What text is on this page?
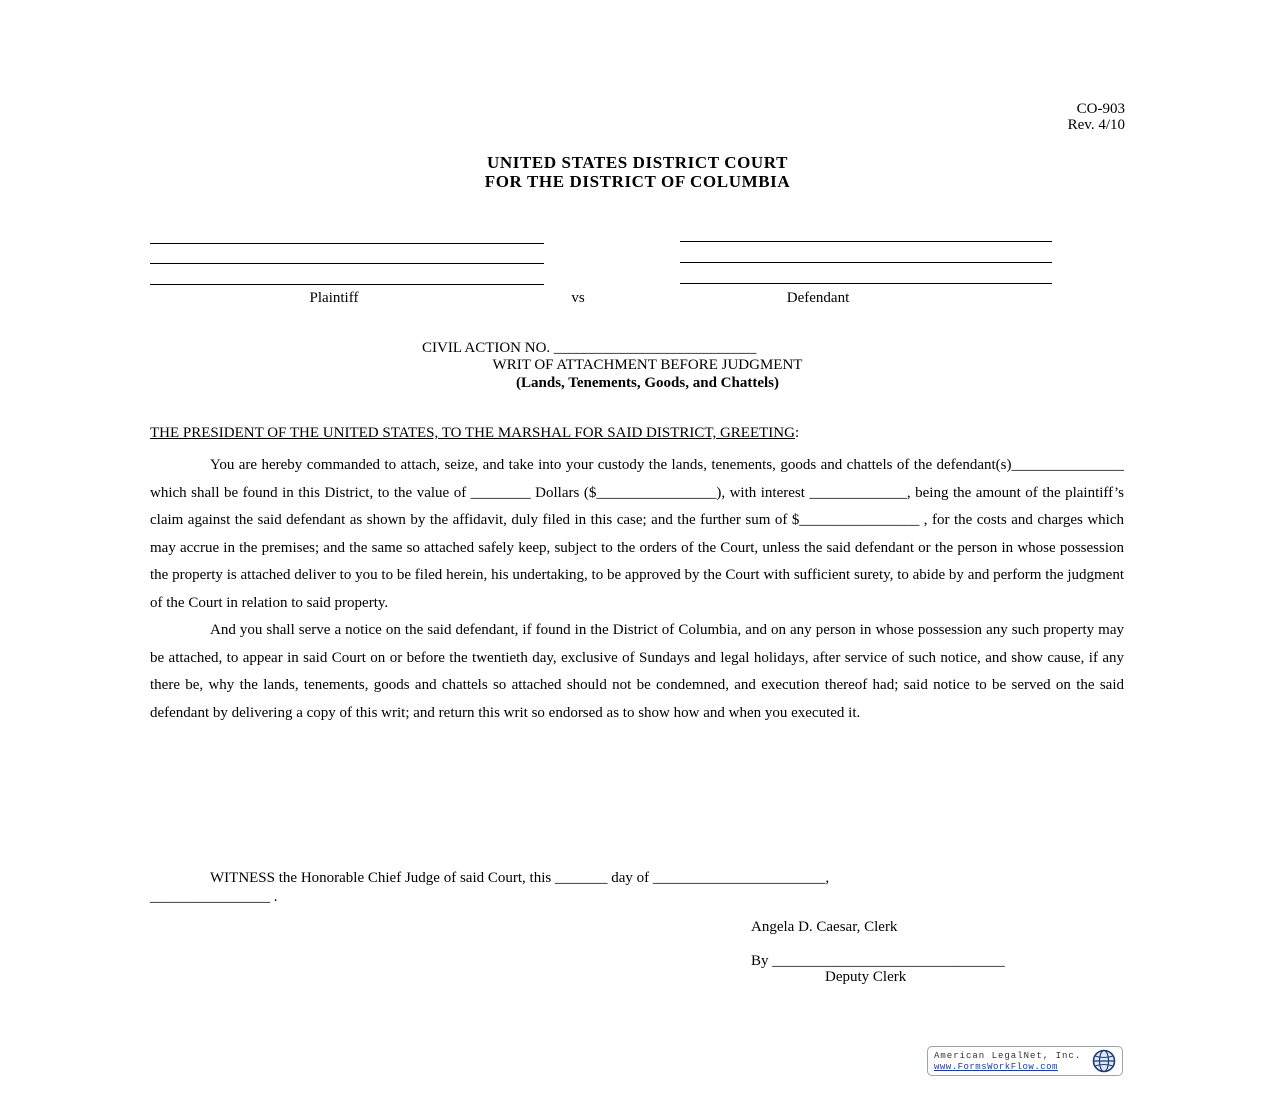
CO-903
Rev. 4/10
UNITED STATES DISTRICT COURT
FOR THE DISTRICT OF COLUMBIA
Plaintiff	vs	Defendant
CIVIL ACTION NO. ___________________________
WRIT OF ATTACHMENT BEFORE JUDGMENT
(Lands, Tenements, Goods, and Chattels)
THE PRESIDENT OF THE UNITED STATES, TO THE MARSHAL FOR SAID DISTRICT, GREETING:

You are hereby commanded to attach, seize, and take into your custody the lands, tenements, goods and chattels of the defendant(s)_______________ which shall be found in this District, to the value of ________ Dollars ($________________), with interest _____________, being the amount of the plaintiff’s claim against the said defendant as shown by the affidavit, duly filed in this case; and the further sum of $________________ , for the costs and charges which may accrue in the premises; and the same so attached safely keep, subject to the orders of the Court, unless the said defendant or the person in whose possession the property is attached deliver to you to be filed herein, his undertaking, to be approved by the Court with sufficient surety, to abide by and perform the judgment of the Court in relation to said property.

And you shall serve a notice on the said defendant, if found in the District of Columbia, and on any person in whose possession any such property may be attached, to appear in said Court on or before the twentieth day, exclusive of Sundays and legal holidays, after service of such notice, and show cause, if any there be, why the lands, tenements, goods and chattels so attached should not be condemned, and execution thereof had; said notice to be served on the said defendant by delivering a copy of this writ; and return this writ so endorsed as to show how and when you executed it.

WITNESS the Honorable Chief Judge of said Court, this _______ day of _______________________,
________________ .
Angela D. Caesar, Clerk
By _______________________________
Deputy Clerk
American LegalNet, Inc.
www.FormsWorkFlow.com
